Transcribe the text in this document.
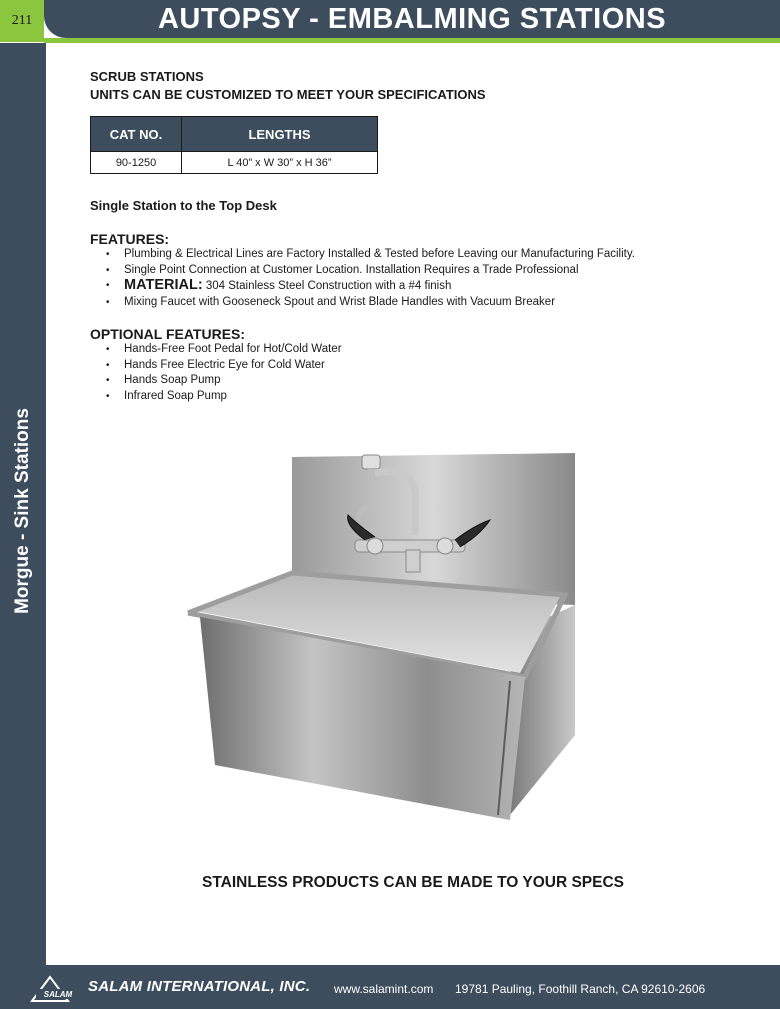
211	AUTOPSY - EMBALMING STATIONS
Morgue - Sink Stations
SCRUB STATIONS
UNITS CAN BE CUSTOMIZED TO MEET YOUR SPECIFICATIONS
CAT NO.	LENGTHS
90-1250	L 40” x W 30” x H 36”
Single Station to the Top Desk
FEATURES:
• Plumbing & Electrical Lines are Factory Installed & Tested before Leaving our Manufacturing Facility.
• Single Point Connection at Customer Location. Installation Requires a Trade Professional
• MATERIAL: 304 Stainless Steel Construction with a #4 finish
• Mixing Faucet with Gooseneck Spout and Wrist Blade Handles with Vacuum Breaker
OPTIONAL FEATURES:
• Hands-Free Foot Pedal for Hot/Cold Water
• Hands Free Electric Eye for Cold Water
• Hands Soap Pump
• Infrared Soap Pump
STAINLESS PRODUCTS CAN BE MADE TO YOUR SPECS
SALAM SALAM INTERNATIONAL, INC. www.salamint.com 19781 Pauling, Foothill Ranch, CA 92610-2606
